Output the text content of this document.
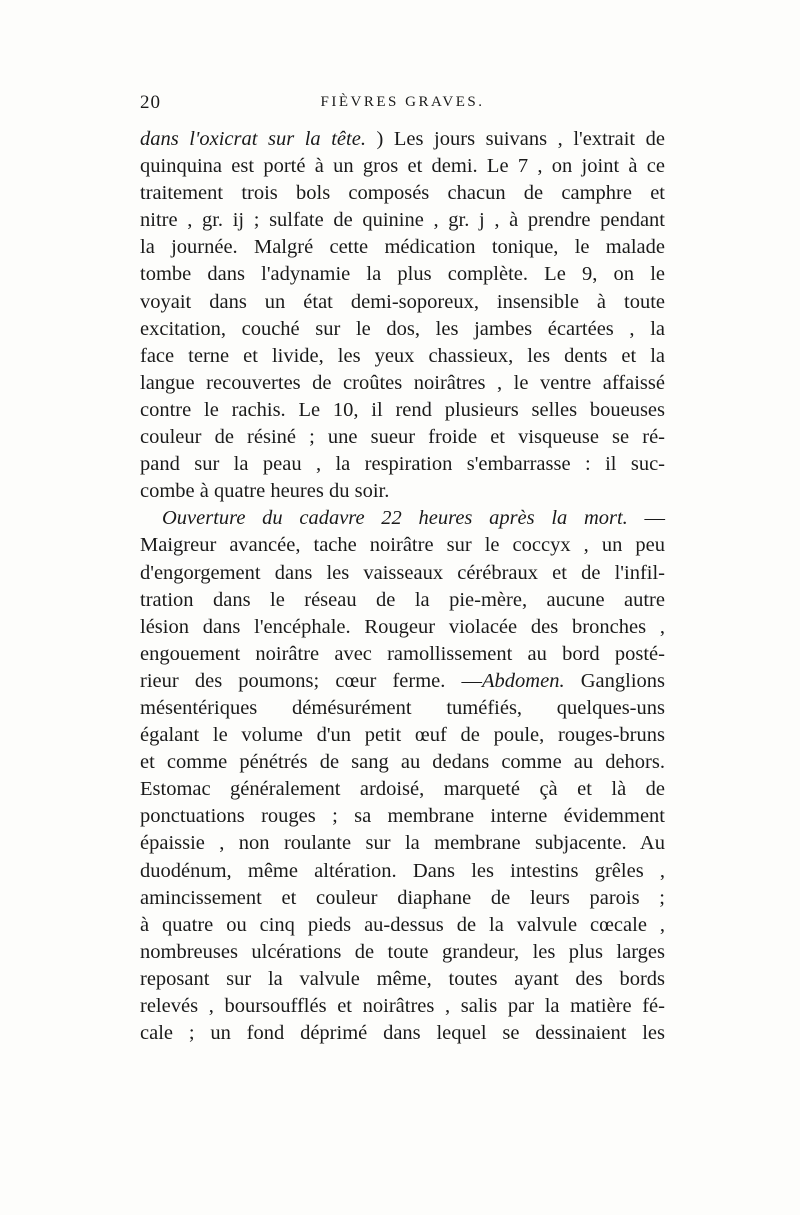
20	FIÈVRES GRAVES.
dans l'oxicrat sur la tête. ) Les jours suivans , l'extrait de
quinquina est porté à un gros et demi. Le 7 , on joint à ce
traitement trois bols composés chacun de camphre et
nitre , gr. ij ; sulfate de quinine , gr. j , à prendre pendant
la journée. Malgré cette médication tonique, le malade
tombe dans l'adynamie la plus complète. Le 9, on le
voyait dans un état demi-soporeux, insensible à toute
excitation, couché sur le dos, les jambes écartées , la
face terne et livide, les yeux chassieux, les dents et la
langue recouvertes de croûtes noirâtres , le ventre affaissé
contre le rachis. Le 10, il rend plusieurs selles boueuses
couleur de résiné ; une sueur froide et visqueuse se ré-
pand sur la peau , la respiration s'embarrasse : il suc-
combe à quatre heures du soir.
Ouverture du cadavre 22 heures après la mort. —
Maigreur avancée, tache noirâtre sur le coccyx , un peu
d'engorgement dans les vaisseaux cérébraux et de l'infil-
tration dans le réseau de la pie-mère, aucune autre
lésion dans l'encéphale. Rougeur violacée des bronches ,
engouement noirâtre avec ramollissement au bord posté-
rieur des poumons; cœur ferme. —Abdomen. Ganglions
mésentériques démésurément tuméfiés, quelques-uns
égalant le volume d'un petit œuf de poule, rouges-bruns
et comme pénétrés de sang au dedans comme au dehors.
Estomac généralement ardoisé, marqueté çà et là de
ponctuations rouges ; sa membrane interne évidemment
épaissie , non roulante sur la membrane subjacente. Au
duodénum, même altération. Dans les intestins grêles ,
amincissement et couleur diaphane de leurs parois ;
à quatre ou cinq pieds au-dessus de la valvule cœcale ,
nombreuses ulcérations de toute grandeur, les plus larges
reposant sur la valvule même, toutes ayant des bords
relevés , boursoufflés et noirâtres , salis par la matière fé-
cale ; un fond déprimé dans lequel se dessinaient les
